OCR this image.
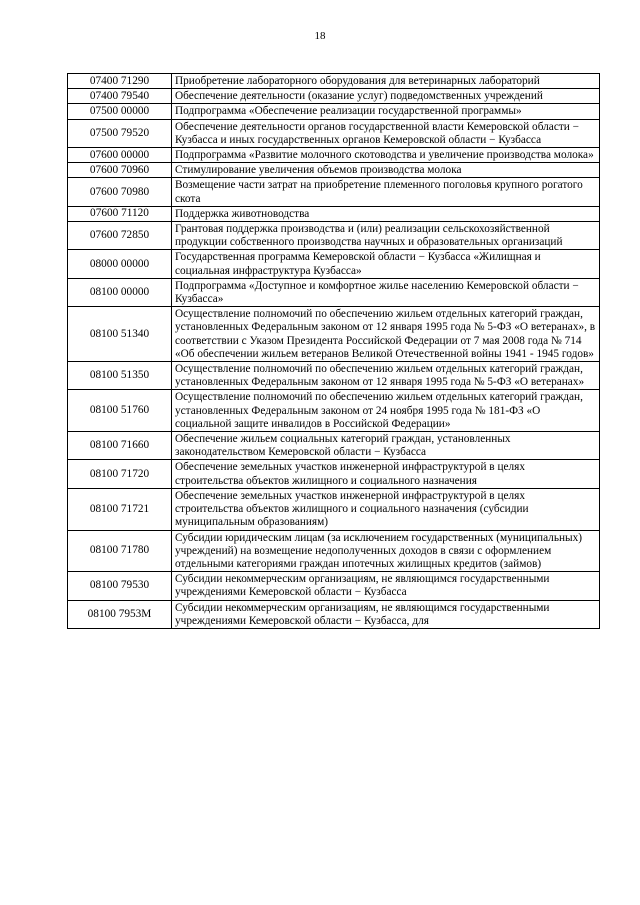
18
07400 71290	Приобретение лабораторного оборудования для ветеринарных лабораторий
07400 79540	Обеспечение деятельности (оказание услуг) подведомственных учреждений
07500 00000	Подпрограмма «Обеспечение реализации государственной программы»
07500 79520	Обеспечение деятельности органов государственной власти Кемеровской области − Кузбасса и иных государственных органов Кемеровской области − Кузбасса
07600 00000	Подпрограмма «Развитие молочного скотоводства и увеличение производства молока»
07600 70960	Стимулирование увеличения объемов производства молока
07600 70980	Возмещение части затрат на приобретение племенного поголовья крупного рогатого скота
07600 71120	Поддержка животноводства
07600 72850	Грантовая поддержка производства и (или) реализации сельскохозяйственной продукции собственного производства научных и образовательных организаций
08000 00000	Государственная программа Кемеровской области − Кузбасса «Жилищная и социальная инфраструктура Кузбасса»
08100 00000	Подпрограмма «Доступное и комфортное жилье населению Кемеровской области − Кузбасса»
08100 51340	Осуществление полномочий по обеспечению жильем отдельных категорий граждан, установленных Федеральным законом от 12 января 1995 года № 5-ФЗ «О ветеранах», в соответствии с Указом Президента Российской Федерации от 7 мая 2008 года № 714 «Об обеспечении жильем ветеранов Великой Отечественной войны 1941 - 1945 годов»
08100 51350	Осуществление полномочий по обеспечению жильем отдельных категорий граждан, установленных Федеральным законом от 12 января 1995 года № 5-ФЗ «О ветеранах»
08100 51760	Осуществление полномочий по обеспечению жильем отдельных категорий граждан, установленных Федеральным законом от 24 ноября 1995 года № 181-ФЗ «О социальной защите инвалидов в Российской Федерации»
08100 71660	Обеспечение жильем социальных категорий граждан, установленных законодательством Кемеровской области − Кузбасса
08100 71720	Обеспечение земельных участков инженерной инфраструктурой в целях строительства объектов жилищного и социального назначения
08100 71721	Обеспечение земельных участков инженерной инфраструктурой в целях строительства объектов жилищного и социального назначения (субсидии муниципальным образованиям)
08100 71780	Субсидии юридическим лицам (за исключением государственных (муниципальных) учреждений) на возмещение недополученных доходов в связи с оформлением отдельными категориями граждан ипотечных жилищных кредитов (займов)
08100 79530	Субсидии некоммерческим организациям, не являющимся государственными учреждениями Кемеровской области − Кузбасса
08100 7953М	Субсидии некоммерческим организациям, не являющимся государственными учреждениями Кемеровской области − Кузбасса, для
